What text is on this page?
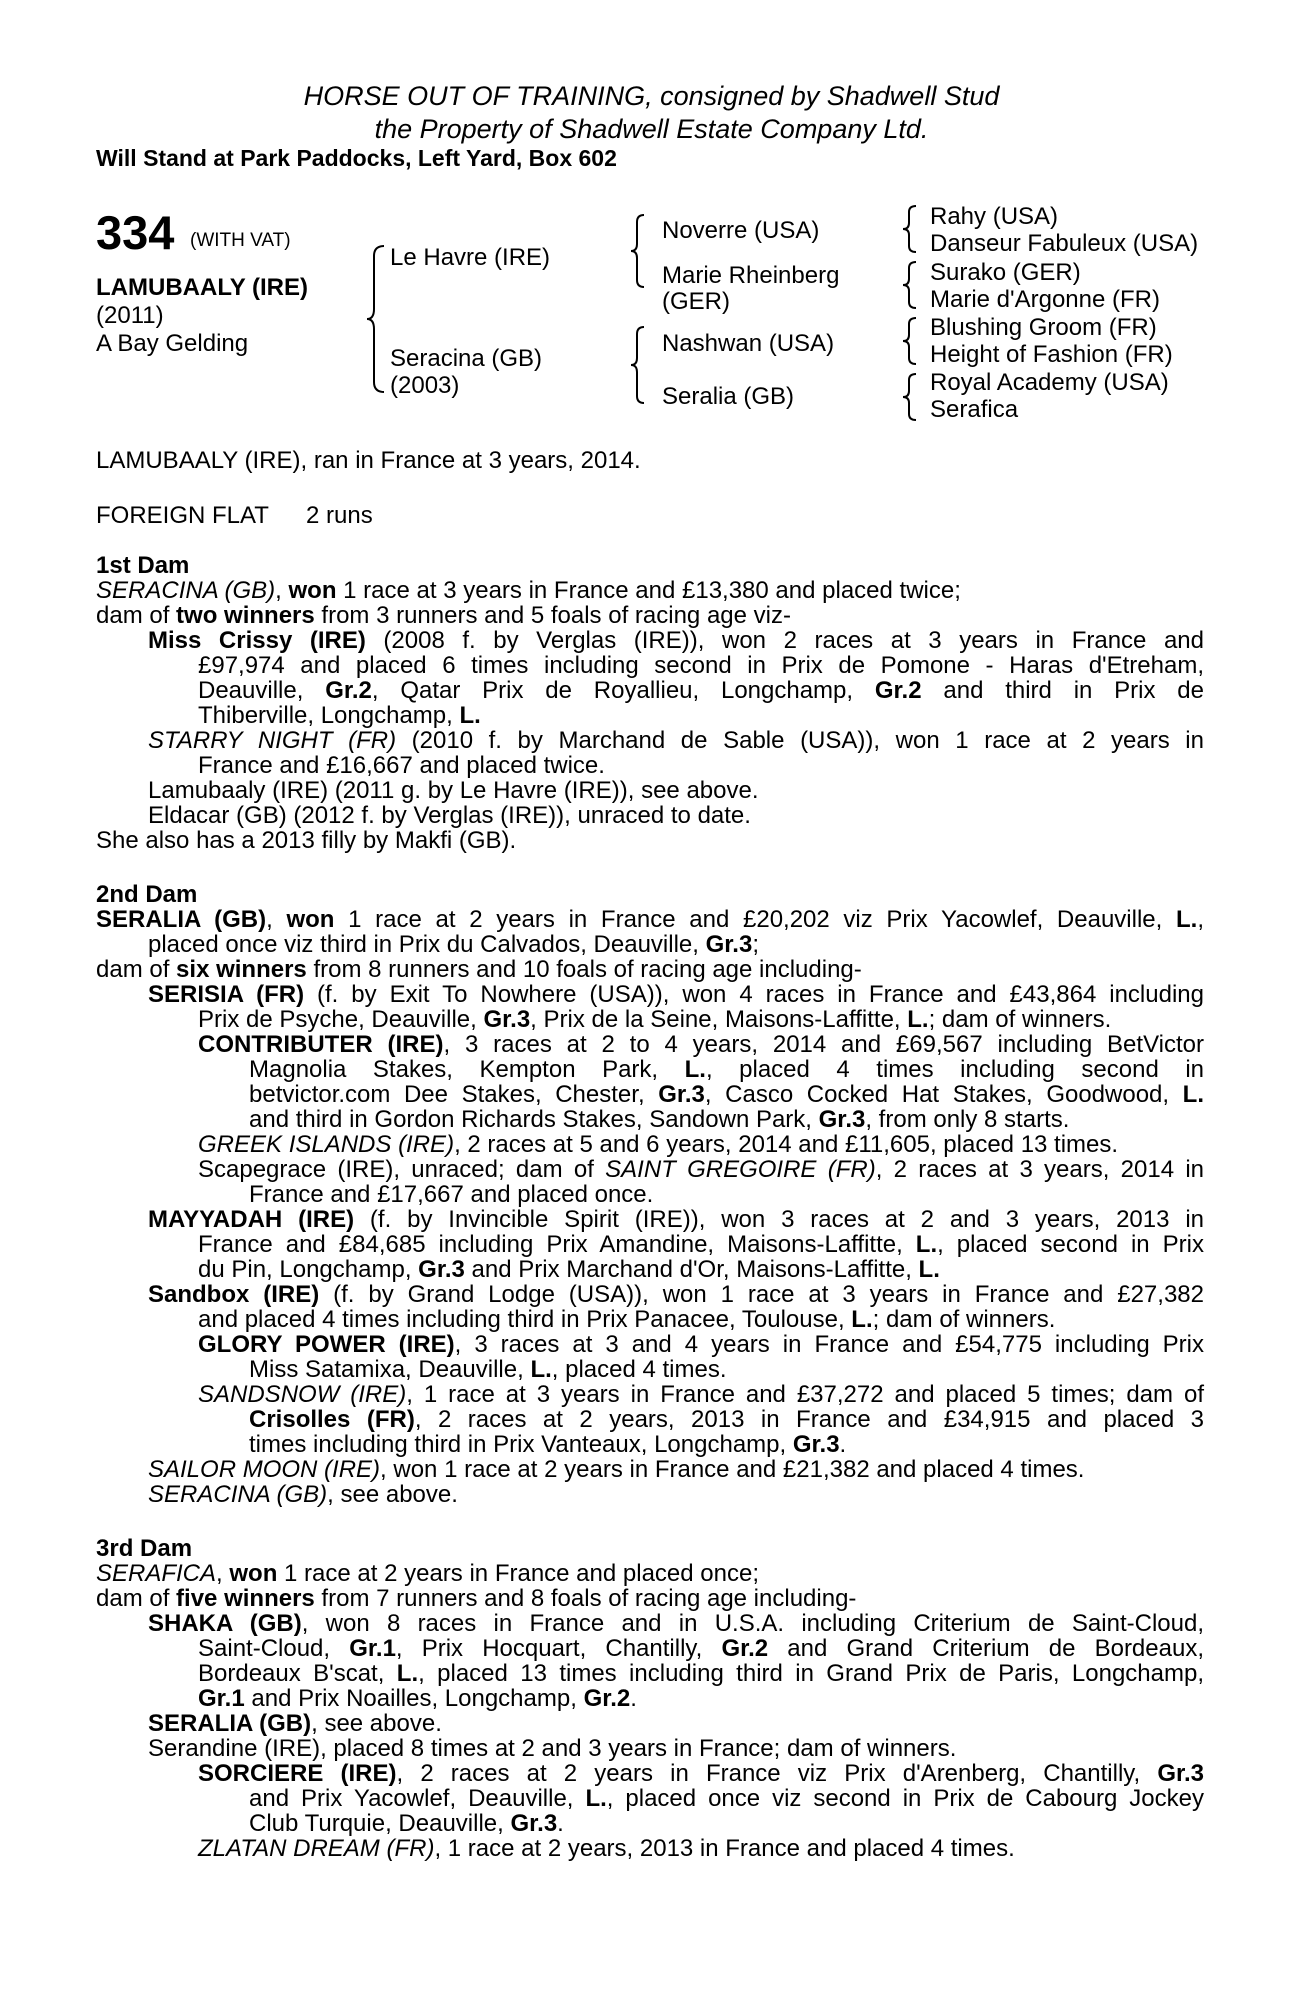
HORSE OUT OF TRAINING, consigned by Shadwell Stud
the Property of Shadwell Estate Company Ltd.
Will Stand at Park Paddocks, Left Yard, Box 602
334 (WITH VAT)
LAMUBAALY (IRE)
(2011)
A Bay Gelding
Le Havre (IRE)
Seracina (GB)
(2003)
Noverre (USA)
Marie Rheinberg
(GER)
Nashwan (USA)
Seralia (GB)
Rahy (USA)
Danseur Fabuleux (USA)
Surako (GER)
Marie d'Argonne (FR)
Blushing Groom (FR)
Height of Fashion (FR)
Royal Academy (USA)
Serafica
LAMUBAALY (IRE), ran in France at 3 years, 2014.
FOREIGN FLAT 2 runs
1st Dam
SERACINA (GB), won 1 race at 3 years in France and £13,380 and placed twice;
dam of two winners from 3 runners and 5 foals of racing age viz-
Miss Crissy (IRE) (2008 f. by Verglas (IRE)), won 2 races at 3 years in France and
£97,974 and placed 6 times including second in Prix de Pomone - Haras d'Etreham,
Deauville, Gr.2, Qatar Prix de Royallieu, Longchamp, Gr.2 and third in Prix de
Thiberville, Longchamp, L.
STARRY NIGHT (FR) (2010 f. by Marchand de Sable (USA)), won 1 race at 2 years in
France and £16,667 and placed twice.
Lamubaaly (IRE) (2011 g. by Le Havre (IRE)), see above.
Eldacar (GB) (2012 f. by Verglas (IRE)), unraced to date.
She also has a 2013 filly by Makfi (GB).
2nd Dam
SERALIA (GB), won 1 race at 2 years in France and £20,202 viz Prix Yacowlef, Deauville, L.,
placed once viz third in Prix du Calvados, Deauville, Gr.3;
dam of six winners from 8 runners and 10 foals of racing age including-
SERISIA (FR) (f. by Exit To Nowhere (USA)), won 4 races in France and £43,864 including
Prix de Psyche, Deauville, Gr.3, Prix de la Seine, Maisons-Laffitte, L.; dam of winners.
CONTRIBUTER (IRE), 3 races at 2 to 4 years, 2014 and £69,567 including BetVictor
Magnolia Stakes, Kempton Park, L., placed 4 times including second in
betvictor.com Dee Stakes, Chester, Gr.3, Casco Cocked Hat Stakes, Goodwood, L.
and third in Gordon Richards Stakes, Sandown Park, Gr.3, from only 8 starts.
GREEK ISLANDS (IRE), 2 races at 5 and 6 years, 2014 and £11,605, placed 13 times.
Scapegrace (IRE), unraced; dam of SAINT GREGOIRE (FR), 2 races at 3 years, 2014 in
France and £17,667 and placed once.
MAYYADAH (IRE) (f. by Invincible Spirit (IRE)), won 3 races at 2 and 3 years, 2013 in
France and £84,685 including Prix Amandine, Maisons-Laffitte, L., placed second in Prix
du Pin, Longchamp, Gr.3 and Prix Marchand d'Or, Maisons-Laffitte, L.
Sandbox (IRE) (f. by Grand Lodge (USA)), won 1 race at 3 years in France and £27,382
and placed 4 times including third in Prix Panacee, Toulouse, L.; dam of winners.
GLORY POWER (IRE), 3 races at 3 and 4 years in France and £54,775 including Prix
Miss Satamixa, Deauville, L., placed 4 times.
SANDSNOW (IRE), 1 race at 3 years in France and £37,272 and placed 5 times; dam of
Crisolles (FR), 2 races at 2 years, 2013 in France and £34,915 and placed 3
times including third in Prix Vanteaux, Longchamp, Gr.3.
SAILOR MOON (IRE), won 1 race at 2 years in France and £21,382 and placed 4 times.
SERACINA (GB), see above.
3rd Dam
SERAFICA, won 1 race at 2 years in France and placed once;
dam of five winners from 7 runners and 8 foals of racing age including-
SHAKA (GB), won 8 races in France and in U.S.A. including Criterium de Saint-Cloud,
Saint-Cloud, Gr.1, Prix Hocquart, Chantilly, Gr.2 and Grand Criterium de Bordeaux,
Bordeaux B'scat, L., placed 13 times including third in Grand Prix de Paris, Longchamp,
Gr.1 and Prix Noailles, Longchamp, Gr.2.
SERALIA (GB), see above.
Serandine (IRE), placed 8 times at 2 and 3 years in France; dam of winners.
SORCIERE (IRE), 2 races at 2 years in France viz Prix d'Arenberg, Chantilly, Gr.3
and Prix Yacowlef, Deauville, L., placed once viz second in Prix de Cabourg Jockey
Club Turquie, Deauville, Gr.3.
ZLATAN DREAM (FR), 1 race at 2 years, 2013 in France and placed 4 times.
